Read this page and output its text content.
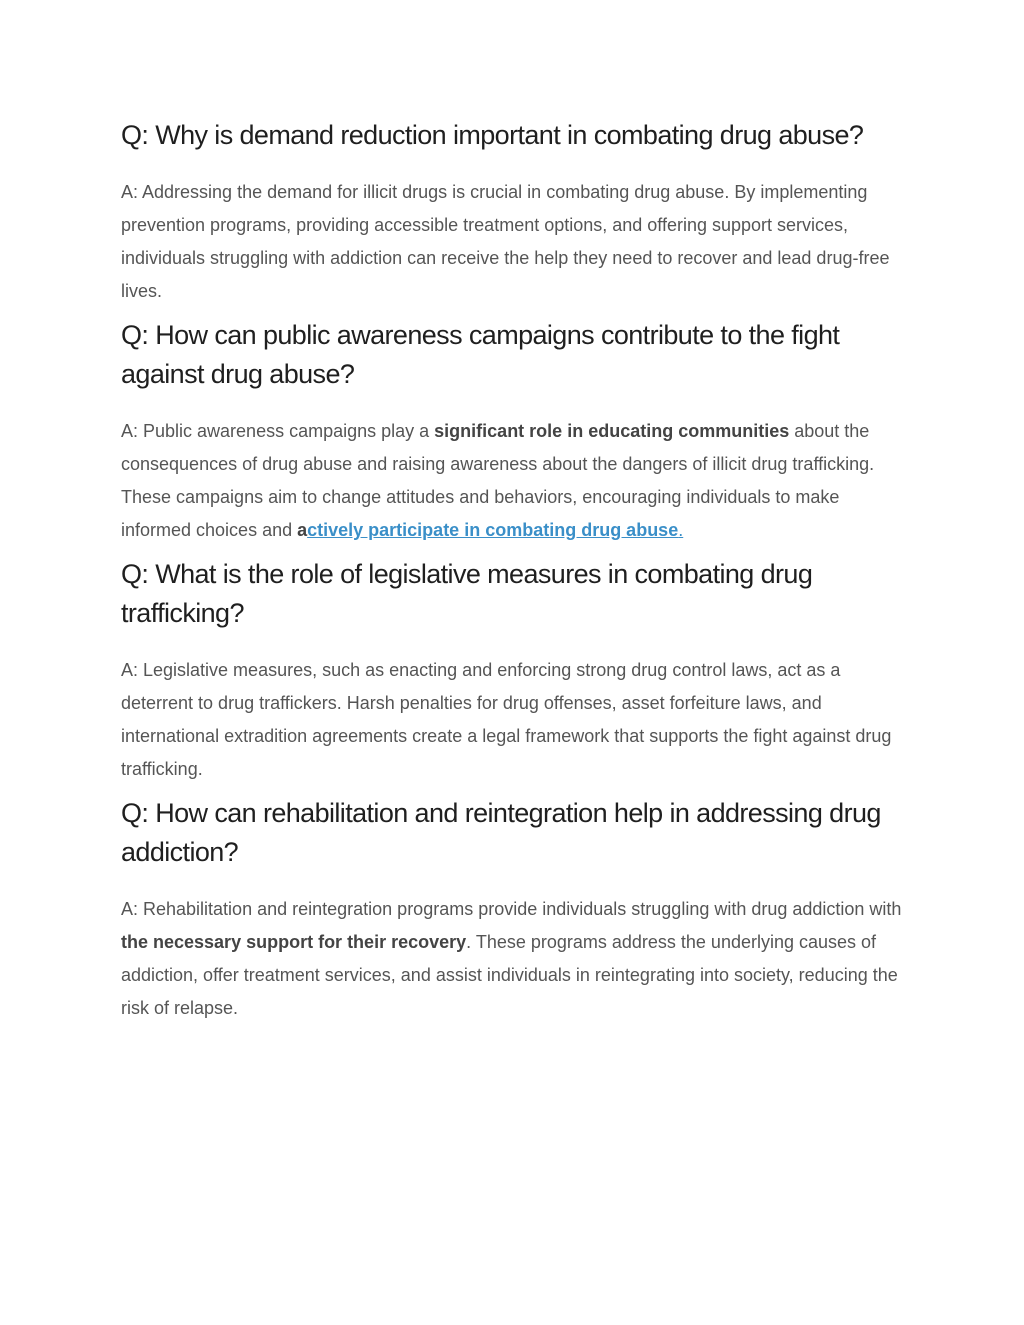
Q: Why is demand reduction important in combating drug abuse?

A: Addressing the demand for illicit drugs is crucial in combating drug abuse. By implementing prevention programs, providing accessible treatment options, and offering support services, individuals struggling with addiction can receive the help they need to recover and lead drug-free lives.

Q: How can public awareness campaigns contribute to the fight against drug abuse?

A: Public awareness campaigns play a significant role in educating communities about the consequences of drug abuse and raising awareness about the dangers of illicit drug trafficking. These campaigns aim to change attitudes and behaviors, encouraging individuals to make informed choices and actively participate in combating drug abuse.

Q: What is the role of legislative measures in combating drug trafficking?

A: Legislative measures, such as enacting and enforcing strong drug control laws, act as a deterrent to drug traffickers. Harsh penalties for drug offenses, asset forfeiture laws, and international extradition agreements create a legal framework that supports the fight against drug trafficking.

Q: How can rehabilitation and reintegration help in addressing drug addiction?

A: Rehabilitation and reintegration programs provide individuals struggling with drug addiction with the necessary support for their recovery. These programs address the underlying causes of addiction, offer treatment services, and assist individuals in reintegrating into society, reducing the risk of relapse.
